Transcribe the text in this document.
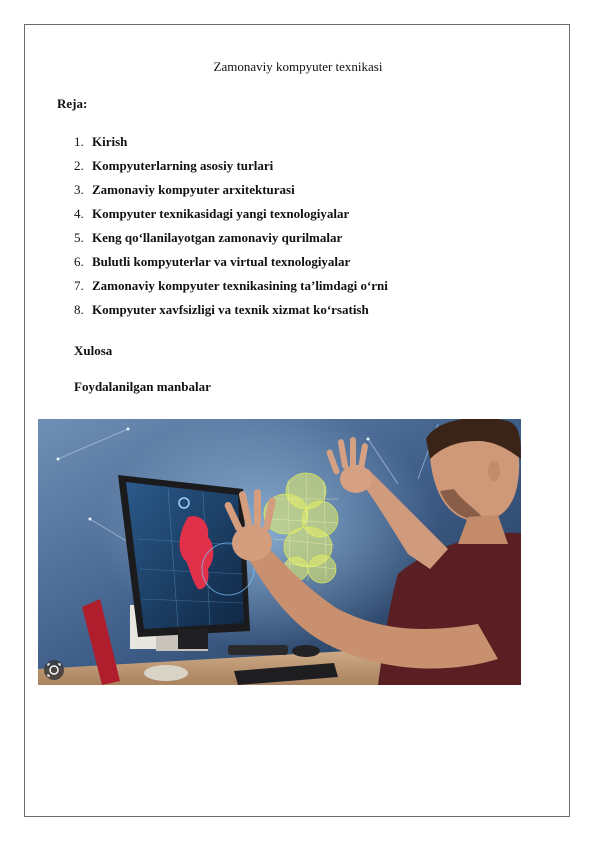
Zamonaviy kompyuter texnikasi
Reja:
1. Kirish
2. Kompyuterlarning asosiy turlari
3. Zamonaviy kompyuter arxitekturasi
4. Kompyuter texnikasidagi yangi texnologiyalar
5. Keng qo‘llanilayotgan zamonaviy qurilmalar
6. Bulutli kompyuterlar va virtual texnologiyalar
7. Zamonaviy kompyuter texnikasining ta’limdagi o‘rni
8. Kompyuter xavfsizligi va texnik xizmat ko‘rsatish
Xulosa
Foydalanilgan manbalar
